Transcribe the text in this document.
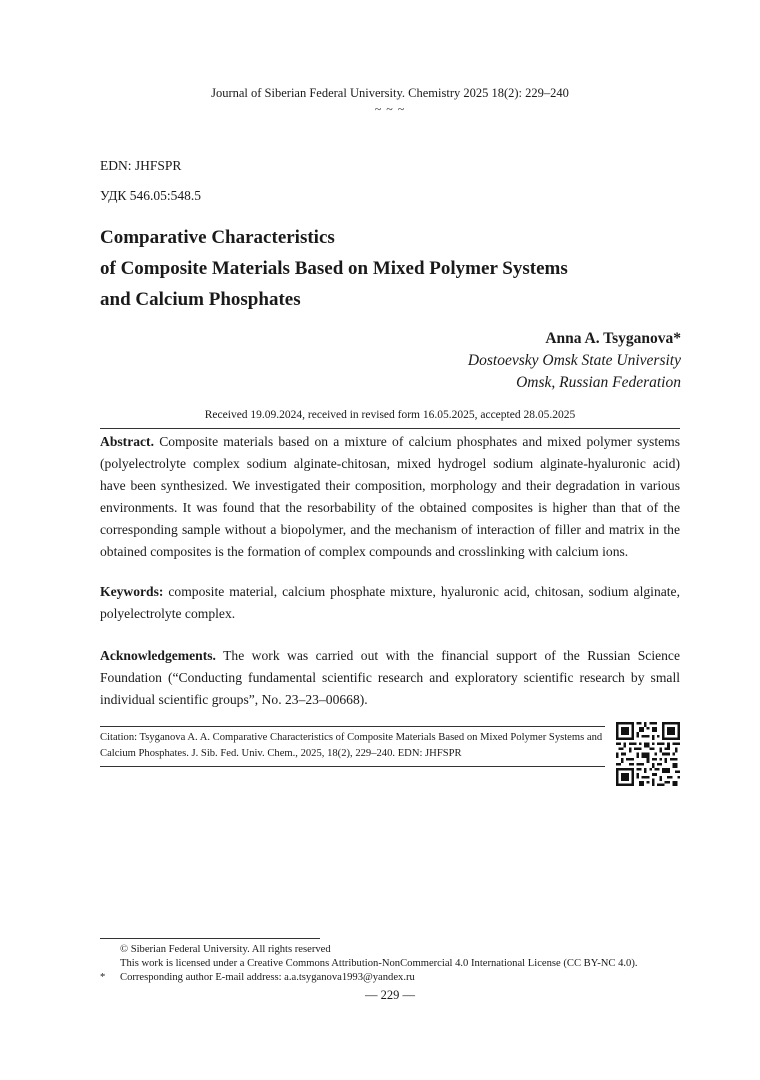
Journal of Siberian Federal University. Chemistry 2025 18(2): 229–240
~ ~ ~
EDN: JHFSPR
УДК 546.05:548.5
Comparative Characteristics
of Composite Materials Based on Mixed Polymer Systems
and Calcium Phosphates
Anna A. Tsyganova*
Dostoevsky Omsk State University
Omsk, Russian Federation
Received 19.09.2024, received in revised form 16.05.2025, accepted 28.05.2025
Abstract. Composite materials based on a mixture of calcium phosphates and mixed polymer systems (polyelectrolyte complex sodium alginate-chitosan, mixed hydrogel sodium alginate-hyaluronic acid) have been synthesized. We investigated their composition, morphology and their degradation in various environments. It was found that the resorbability of the obtained composites is higher than that of the corresponding sample without a biopolymer, and the mechanism of interaction of filler and matrix in the obtained composites is the formation of complex compounds and crosslinking with calcium ions.
Keywords: composite material, calcium phosphate mixture, hyaluronic acid, chitosan, sodium alginate, polyelectrolyte complex.
Acknowledgements. The work was carried out with the financial support of the Russian Science Foundation (“Conducting fundamental scientific research and exploratory scientific research by small individual scientific groups”, No. 23–23–00668).
Citation: Tsyganova A. A. Comparative Characteristics of Composite Materials Based on Mixed Polymer Systems and Calcium Phosphates. J. Sib. Fed. Univ. Chem., 2025, 18(2), 229–240. EDN: JHFSPR
© Siberian Federal University. All rights reserved
This work is licensed under a Creative Commons Attribution-NonCommercial 4.0 International License (CC BY-NC 4.0).
* Corresponding author E-mail address: a.a.tsyganova1993@yandex.ru
— 229 —
